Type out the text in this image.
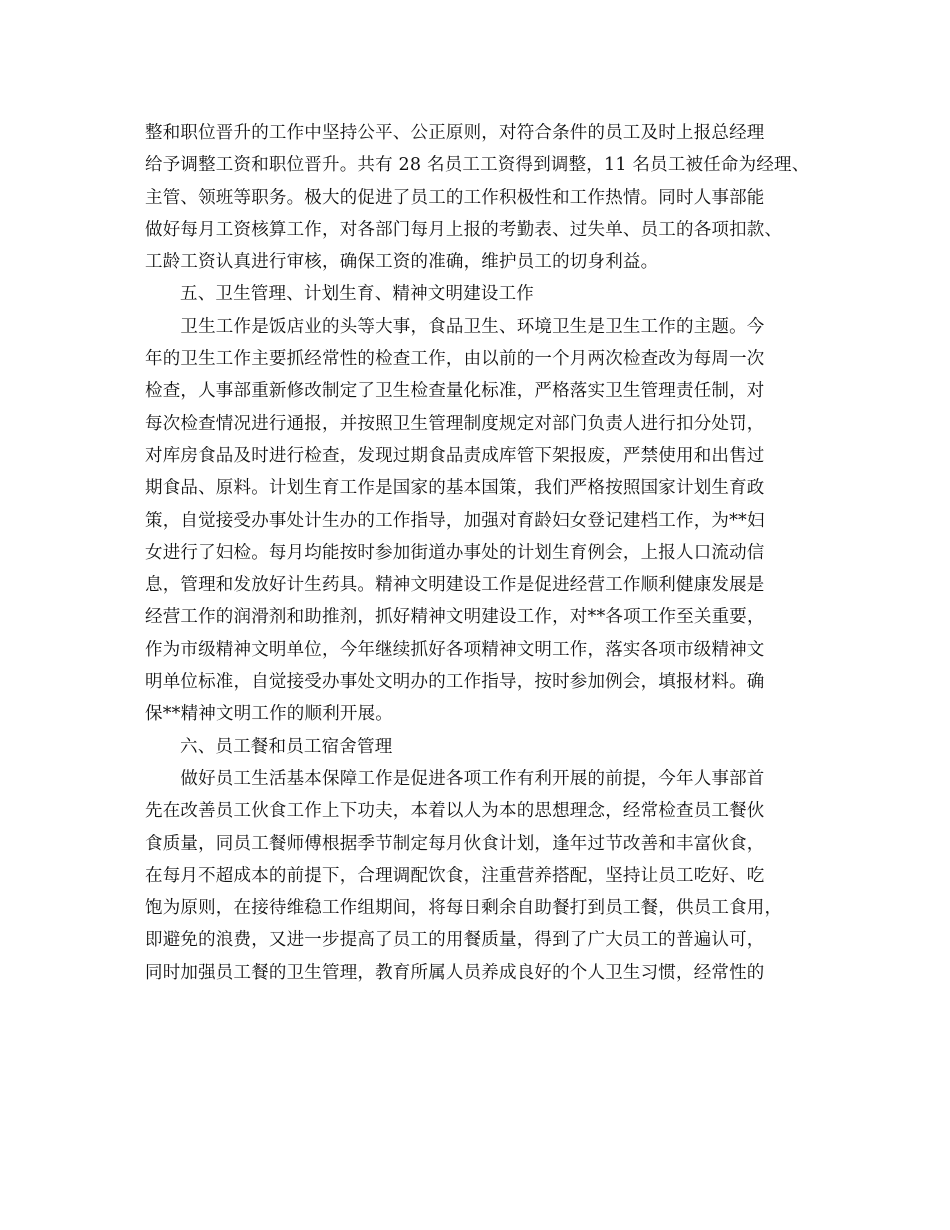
整和职位晋升的工作中坚持公平、公正原则，对符合条件的员工及时上报总经理
给予调整工资和职位晋升。共有 28 名员工工资得到调整，11 名员工被任命为经理、
主管、领班等职务。极大的促进了员工的工作积极性和工作热情。同时人事部能
做好每月工资核算工作，对各部门每月上报的考勤表、过失单、员工的各项扣款、
工龄工资认真进行审核，确保工资的准确，维护员工的切身利益。
五、卫生管理、计划生育、精神文明建设工作
　　卫生工作是饭店业的头等大事，食品卫生、环境卫生是卫生工作的主题。今
年的卫生工作主要抓经常性的检查工作，由以前的一个月两次检查改为每周一次
检查，人事部重新修改制定了卫生检查量化标准，严格落实卫生管理责任制，对
每次检查情况进行通报，并按照卫生管理制度规定对部门负责人进行扣分处罚，
对库房食品及时进行检查，发现过期食品责成库管下架报废，严禁使用和出售过
期食品、原料。计划生育工作是国家的基本国策，我们严格按照国家计划生育政
策，自觉接受办事处计生办的工作指导，加强对育龄妇女登记建档工作，为**妇
女进行了妇检。每月均能按时参加街道办事处的计划生育例会，上报人口流动信
息，管理和发放好计生药具。精神文明建设工作是促进经营工作顺利健康发展是
经营工作的润滑剂和助推剂，抓好精神文明建设工作，对**各项工作至关重要，
作为市级精神文明单位，今年继续抓好各项精神文明工作，落实各项市级精神文
明单位标准，自觉接受办事处文明办的工作指导，按时参加例会，填报材料。确
保**精神文明工作的顺利开展。
六、员工餐和员工宿舍管理
　　做好员工生活基本保障工作是促进各项工作有利开展的前提，今年人事部首
先在改善员工伙食工作上下功夫，本着以人为本的思想理念，经常检查员工餐伙
食质量，同员工餐师傅根据季节制定每月伙食计划，逢年过节改善和丰富伙食，
在每月不超成本的前提下，合理调配饮食，注重营养搭配，坚持让员工吃好、吃
饱为原则，在接待维稳工作组期间，将每日剩余自助餐打到员工餐，供员工食用，
即避免的浪费，又进一步提高了员工的用餐质量，得到了广大员工的普遍认可，
同时加强员工餐的卫生管理，教育所属人员养成良好的个人卫生习惯，经常性的
